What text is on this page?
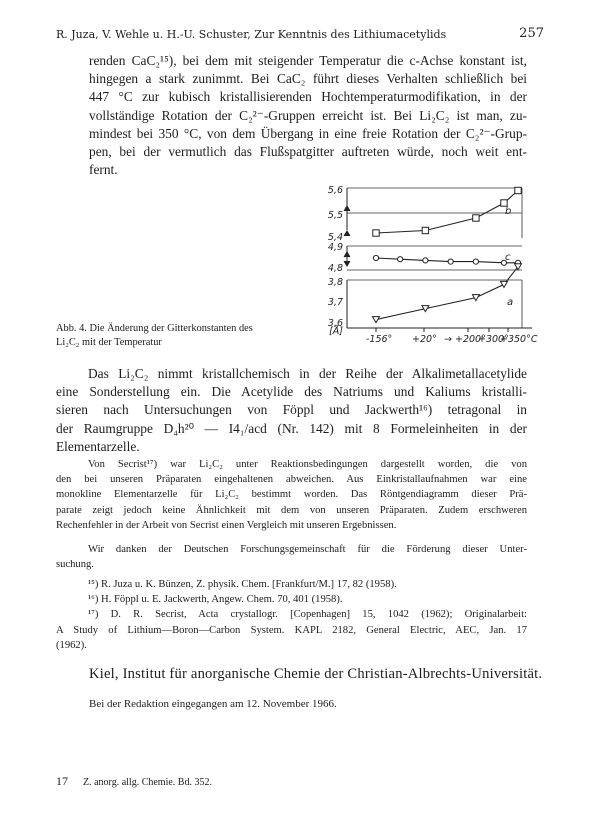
R. Juza, V. Wehle u. H.-U. Schuster, Zur Kenntnis des Lithiumacetylids	257
renden CaC₂¹⁵), bei dem mit steigender Temperatur die c-Achse konstant ist,
hingegen a stark zunimmt. Bei CaC₂ führt dieses Verhalten schließlich bei
447 °C zur kubisch kristallisierenden Hochtemperaturmodifikation, in der
vollständige Rotation der C₂²⁻-Gruppen erreicht ist. Bei Li₂C₂ ist man, zu-
mindest bei 350 °C, von dem Übergang in eine freie Rotation der C₂²⁻-Grup-
pen, bei der vermutlich das Flußspatgitter auftreten würde, noch weit ent-
fernt.
5,6
5,5
5,4
4,9
4,8
3,8
3,7
3,6
[Å]
b
c
a
-156° +20° → +200°+300°+350°C
Abb. 4. Die Änderung der Gitterkonstanten des
Li₂C₂ mit der Temperatur
Das Li₂C₂ nimmt kristallchemisch in der Reihe der Alkalimetallacetylide
eine Sonderstellung ein. Die Acetylide des Natriums und Kaliums kristalli-
sieren nach Untersuchungen von Föppl und Jackwerth¹⁶) tetragonal in
der Raumgruppe D₄h²⁰ — I4₁/acd (Nr. 142) mit 8 Formeleinheiten in der
Elementarzelle.
Von Secrist¹⁷) war Li₂C₂ unter Reaktionsbedingungen dargestellt worden, die von
den bei unseren Präparaten eingehaltenen abweichen. Aus Einkristallaufnahmen war eine
monokline Elementarzelle für Li₂C₂ bestimmt worden. Das Röntgendiagramm dieser Prä-
parate zeigt jedoch keine Ähnlichkeit mit dem von unseren Präparaten. Zudem erschweren
Rechenfehler in der Arbeit von Secrist einen Vergleich mit unseren Ergebnissen.
Wir danken der Deutschen Forschungsgemeinschaft für die Förderung dieser Unter-
suchung.
¹⁵) R. Juza u. K. Bünzen, Z. physik. Chem. [Frankfurt/M.] 17, 82 (1958).
¹⁶) H. Föppl u. E. Jackwerth, Angew. Chem. 70, 401 (1958).
¹⁷) D. R. Secrist, Acta crystallogr. [Copenhagen] 15, 1042 (1962); Originalarbeit:
A Study of Lithium—Boron—Carbon System. KAPL 2182, General Electric, AEC, Jan. 17
(1962).
Kiel, Institut für anorganische Chemie der Christian-Albrechts-Universität.
Bei der Redaktion eingegangen am 12. November 1966.
17 Z. anorg. allg. Chemie. Bd. 352.
